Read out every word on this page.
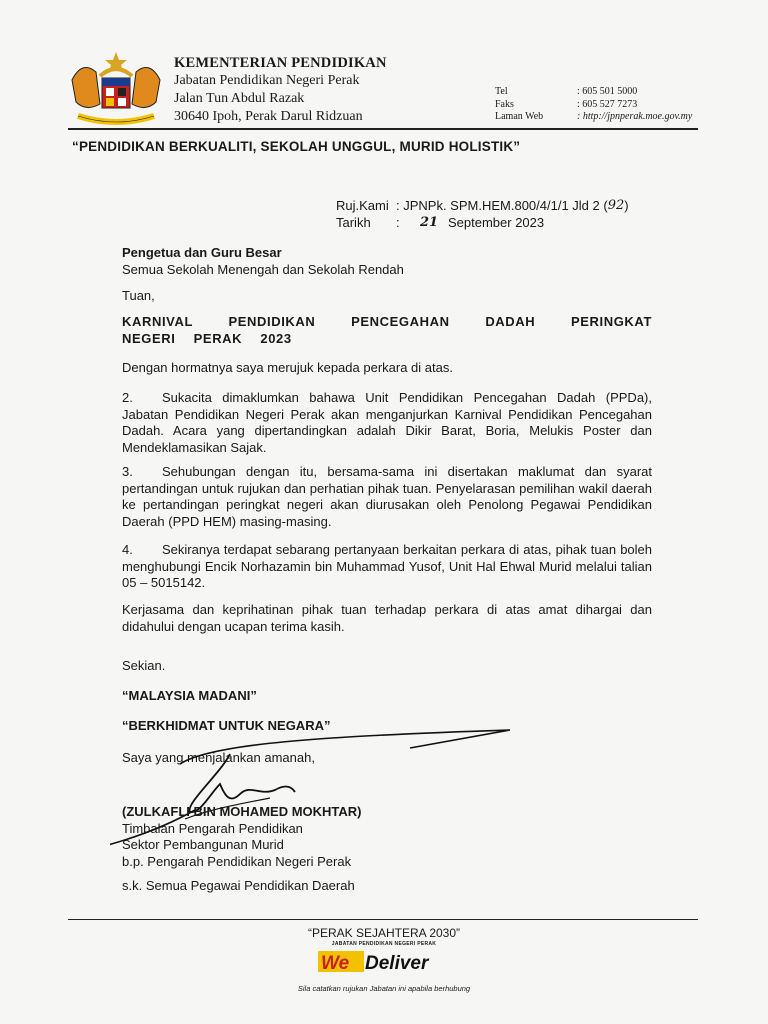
KEMENTERIAN PENDIDIKAN
Jabatan Pendidikan Negeri Perak
Jalan Tun Abdul Razak
30640 Ipoh, Perak Darul Ridzuan
Tel	: 605 501 5000
Faks	: 605 527 7273
Laman Web	: http://jpnperak.moe.gov.my
“PENDIDIKAN BERKUALITI, SEKOLAH UNGGUL, MURID HOLISTIK”
Ruj.Kami : JPNPk. SPM.HEM.800/4/1/1 Jld 2 ( 92 )
Tarikh	:	21 September 2023
Pengetua dan Guru Besar
Semua Sekolah Menengah dan Sekolah Rendah
Tuan,
KARNIVAL PENDIDIKAN PENCEGAHAN DADAH PERINGKAT NEGERI PERAK 2023
Dengan hormatnya saya merujuk kepada perkara di atas.
2. Sukacita dimaklumkan bahawa Unit Pendidikan Pencegahan Dadah (PPDa), Jabatan Pendidikan Negeri Perak akan menganjurkan Karnival Pendidikan Pencegahan Dadah. Acara yang dipertandingkan adalah Dikir Barat, Boria, Melukis Poster dan Mendeklamasikan Sajak.
3. Sehubungan dengan itu, bersama-sama ini disertakan maklumat dan syarat pertandingan untuk rujukan dan perhatian pihak tuan. Penyelarasan pemilihan wakil daerah ke pertandingan peringkat negeri akan diurusakan oleh Penolong Pegawai Pendidikan Daerah (PPD HEM) masing-masing.
4. Sekiranya terdapat sebarang pertanyaan berkaitan perkara di atas, pihak tuan boleh menghubungi Encik Norhazamin bin Muhammad Yusof, Unit Hal Ehwal Murid melalui talian 05 – 5015142.
Kerjasama dan keprihatinan pihak tuan terhadap perkara di atas amat dihargai dan didahului dengan ucapan terima kasih.
Sekian.
“MALAYSIA MADANI”
“BERKHIDMAT UNTUK NEGARA”
Saya yang menjalankan amanah,
(ZULKAFLI BIN MOHAMED MOKHTAR)
Timbalan Pengarah Pendidikan
Sektor Pembangunan Murid
b.p. Pengarah Pendidikan Negeri Perak
s.k. Semua Pegawai Pendidikan Daerah
“PERAK SEJAHTERA 2030”
JABATAN PENDIDIKAN NEGERI PERAK
We Deliver
Sila catatkan rujukan Jabatan ini apabila berhubung
